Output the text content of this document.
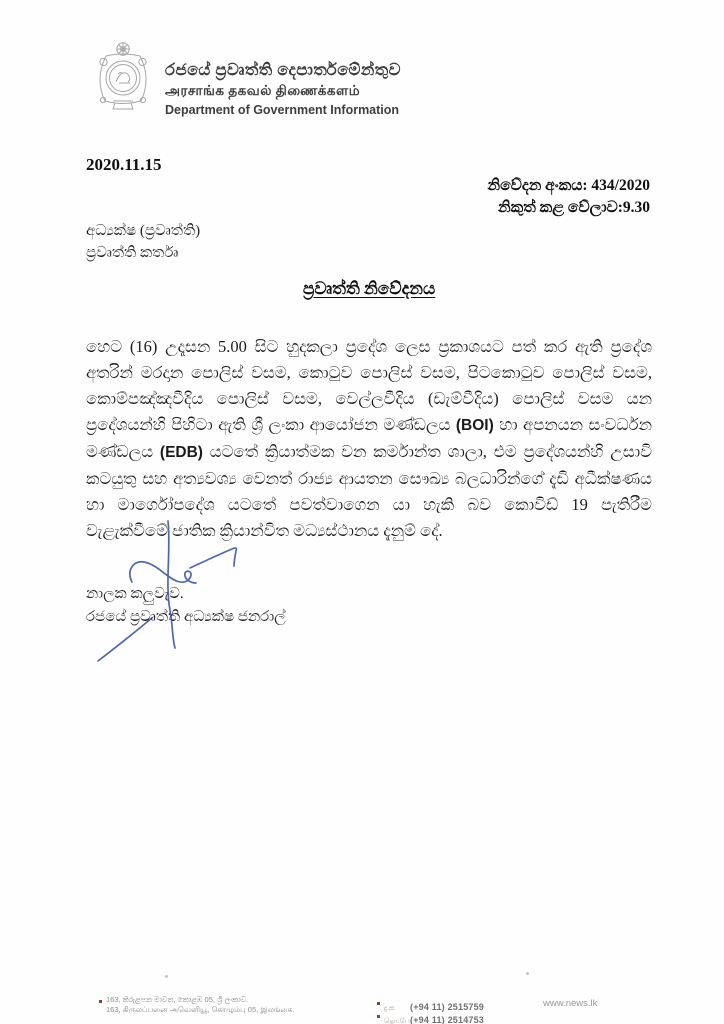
රජයේ ප්‍රවෘත්ති දෙපාර්තමේන්තුව
அரசாங்க தகவல் திணைக்களம்
Department of Government Information
2020.11.15
නිවේදන අංකය: 434/2020
නිකුත් කළ වේලාව:9.30
අධ්‍යක්ෂ (ප්‍රවෘත්ති)
ප්‍රවෘත්ති කර්තෘ
ප්‍රවෘත්ති නිවේදනය

හෙට (16) උදෑසන 5.00 සිට හුදකලා ප්‍රදේශ ලෙස ප්‍රකාශයට පත් කර ඇති ප්‍රදේශ අතරින් මරදාන පොලිස් වසම, කොටුව පොලිස් වසම, පිටකොටුව පොලිස් වසම, කොම්පඤ්ඤවීදිය පොලිස් වසම, වෙල්ලවීදිය (ඩැම්වීදිය) පොලිස් වසම යන ප්‍රදේශයන්හි පිහිටා ඇති ශ්‍රී ලංකා ආයෝජන මණ්ඩලය (BOI) හා අපනයන සංවර්ධන මණ්ඩලය (EDB) යටතේ ක්‍රියාත්මක වන කර්මාන්ත ශාලා, එම ප්‍රදේශයන්හි උසාවි කටයුතු සහ අත්‍යවශ්‍ය වෙනත් රාජ්‍ය ආයතන සෞඛ්‍ය බලධාරින්ගේ දැඩි අධීක්ෂණය හා මාර්ගෝපදේශ යටතේ පවත්වාගෙන යා හැකි බව කොවිඩ් 19 පැතිරීම වැළැක්වීමේ ජාතික ක්‍රියාන්විත මධ්‍යස්ථානය දැනුම් දේ.

නාලක කලුවැව.
රජයේ ප්‍රවෘත්ති අධ්‍යක්ෂ ජනරාල්
163, කිරුළපන මාවත, කොළඹ 05, ශ්‍රී ලංකාව.
163, கிருலப்பனை அவெனியூ, கொழும்பு 05, இலங்கை.	දු.ක (+94 11) 2515759
தொ.பே(+94 11) 2514753
www.news.lk
